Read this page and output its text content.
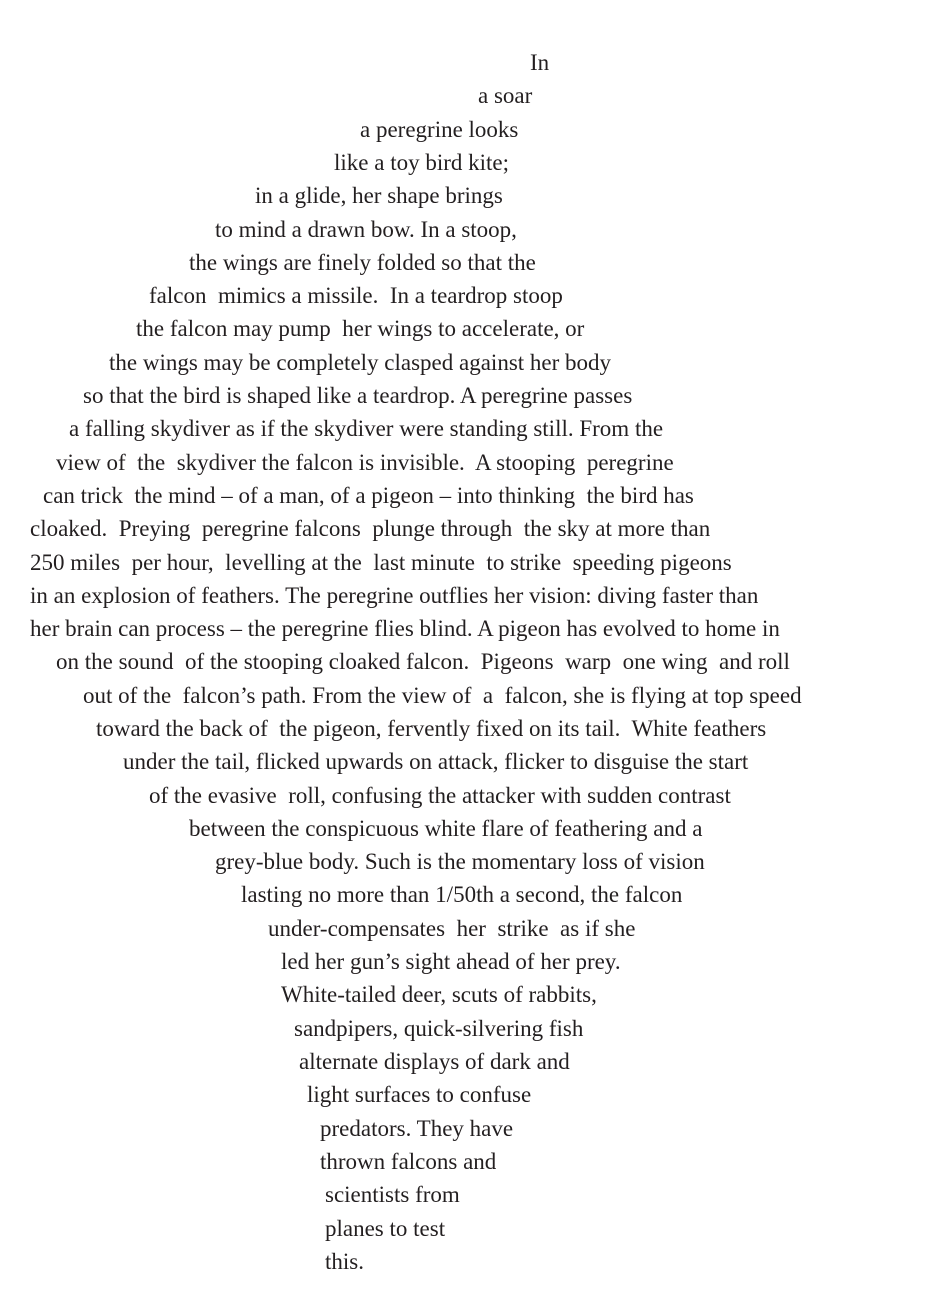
In
a soar
a peregrine looks
like a toy bird kite;
in a glide, her shape brings
to mind a drawn bow. In a stoop,
the wings are finely folded so that the
falcon  mimics a missile.  In a teardrop stoop
the falcon may pump  her wings to accelerate, or
the wings may be completely clasped against her body
so that the bird is shaped like a teardrop. A peregrine passes
a falling skydiver as if the skydiver were standing still. From the
view of  the  skydiver the falcon is invisible.  A stooping  peregrine
can trick  the mind – of a man, of a pigeon – into thinking  the bird has
cloaked.  Preying  peregrine falcons  plunge through  the sky at more than
250 miles  per hour,  levelling at the  last minute  to strike  speeding pigeons
in an explosion of feathers. The peregrine outflies her vision: diving faster than
her brain can process – the peregrine flies blind. A pigeon has evolved to home in
on the sound  of the stooping cloaked falcon.  Pigeons  warp  one wing  and roll
out of the  falcon’s path. From the view of  a  falcon, she is flying at top speed
toward the back of  the pigeon, fervently fixed on its tail.  White feathers
under the tail, flicked upwards on attack, flicker to disguise the start
of the evasive  roll, confusing the attacker with sudden contrast
between the conspicuous white flare of feathering and a
grey-blue body. Such is the momentary loss of vision
lasting no more than 1/50th a second, the falcon
under-compensates  her  strike  as if she
led her gun’s sight ahead of her prey.
White-tailed deer, scuts of rabbits,
sandpipers, quick-silvering fish
alternate displays of dark and
light surfaces to confuse
predators. They have
thrown falcons and
scientists from
planes to test
this.
